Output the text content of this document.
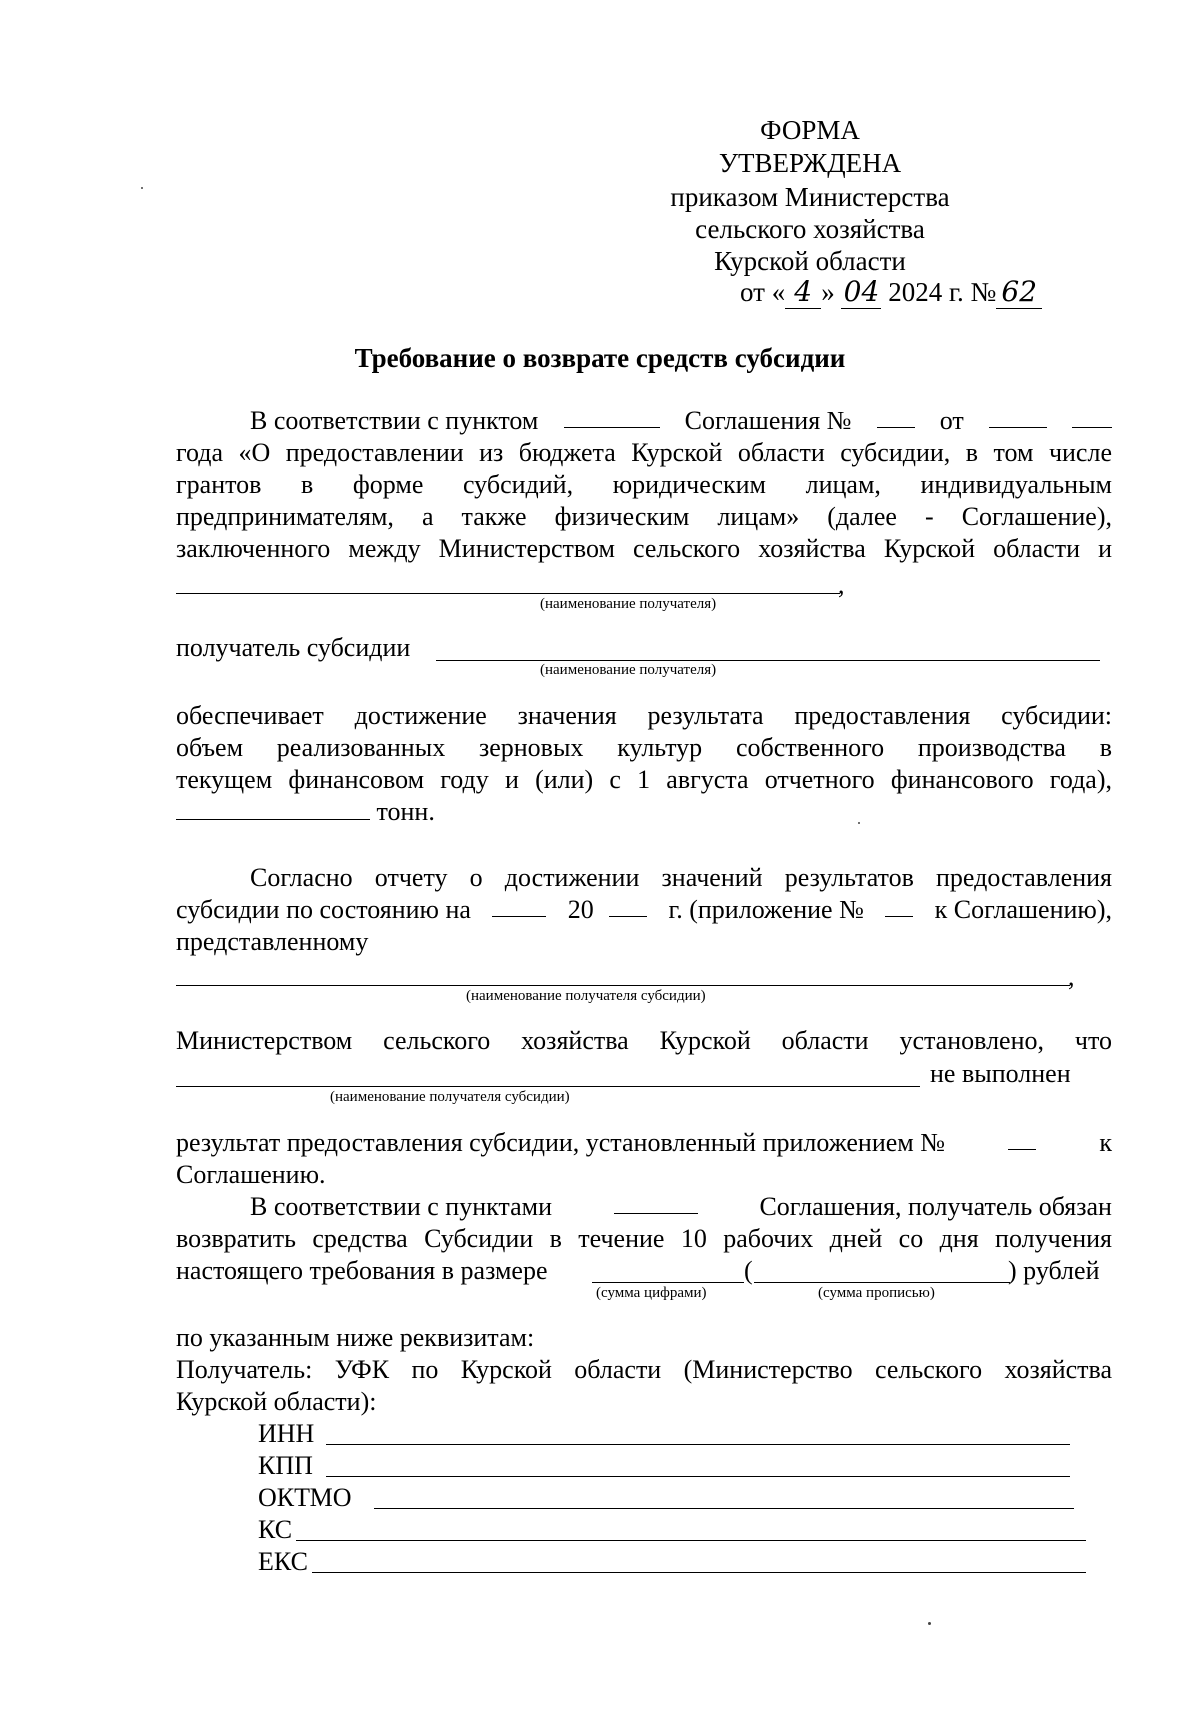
ФОРМА
УТВЕРЖДЕНА
приказом Министерства
сельского хозяйства
Курской области
от « 4 » 04 2024 г. № 62
Требование о возврате средств субсидии
В соответствии с пунктом	Соглашения №	от
года «О предоставлении из бюджета Курской области субсидии, в том числе
грантов в форме субсидий, юридическим лицам, индивидуальным
предпринимателям, а также физическим лицам» (далее - Соглашение),
заключенного между Министерством сельского хозяйства Курской области и
,
(наименование получателя)
получатель субсидии
(наименование получателя)
обеспечивает достижение значения результата предоставления субсидии:
объем реализованных зерновых культур собственного производства в
текущем финансовом году и (или) с 1 августа отчетного финансового года),
тонн.
Согласно отчету о достижении значений результатов предоставления
субсидии по состоянию на	20	г. (приложение №	к Соглашению),
представленному
,
(наименование получателя субсидии)
Министерством сельского хозяйства Курской области установлено, что
не выполнен
(наименование получателя субсидии)
результат предоставления субсидии, установленный приложением №	к
Соглашению.
В соответствии с пунктами	Соглашения, получатель обязан
возвратить средства Субсидии в течение 10 рабочих дней со дня получения
настоящего требования в размере	(	) рублей
(сумма цифрами)	(сумма прописью)
по указанным ниже реквизитам:
Получатель: УФК по Курской области (Министерство сельского хозяйства
Курской области):
ИНН
КПП
ОКТМО
КС
ЕКС
